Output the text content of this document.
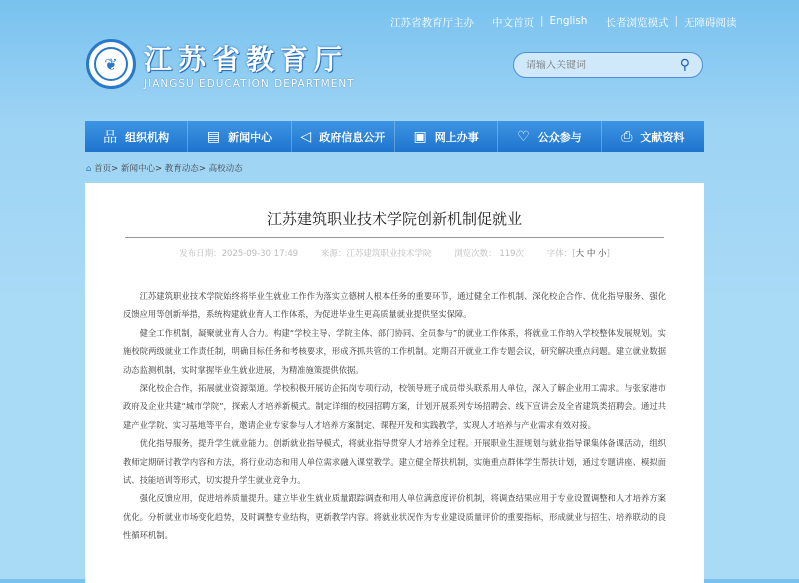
江苏省教育厅主办 中文首页 | English 长者浏览模式 | 无障碍阅读
❦ 江苏省教育厅
JIANGSU EDUCATION DEPARTMENT
请输入关键词
⚲
品 组织机构	▤ 新闻中心 ◁ 政府信息公开 ▣ 网上办事	♡ 公众参与	⎙ 文献资料
⌂ 首页> 新闻中心> 教育动态> 高校动态
江苏建筑职业技术学院创新机制促就业
发布日期：2025-09-30 17:49	来源：江苏建筑职业技术学院	浏览次数： 119次	字体：[大 中 小]

江苏建筑职业技术学院始终将毕业生就业工作作为落实立德树人根本任务的重要环节，通过健全工作机制、深化校企合作、优化指导服务、强化反馈应用等创新举措，系统构建就业育人工作体系，为促进毕业生更高质量就业提供坚实保障。

健全工作机制，凝聚就业育人合力。构建“学校主导、学院主体、部门协同、全员参与”的就业工作体系，将就业工作纳入学校整体发展规划。实施校院两级就业工作责任制，明确目标任务和考核要求，形成齐抓共管的工作机制。定期召开就业工作专题会议，研究解决重点问题。建立就业数据动态监测机制，实时掌握毕业生就业进展，为精准施策提供依据。

深化校企合作，拓展就业资源渠道。学校积极开展访企拓岗专项行动，校领导班子成员带头联系用人单位，深入了解企业用工需求。与张家港市政府及企业共建“城市学院”，探索人才培养新模式。制定详细的校园招聘方案，计划开展系列专场招聘会、线下宣讲会及全省建筑类招聘会。通过共建产业学院、实习基地等平台，邀请企业专家参与人才培养方案制定、课程开发和实践教学，实现人才培养与产业需求有效对接。

优化指导服务，提升学生就业能力。创新就业指导模式，将就业指导贯穿人才培养全过程。开展职业生涯规划与就业指导课集体备课活动，组织教师定期研讨教学内容和方法，将行业动态和用人单位需求融入课堂教学。建立健全帮扶机制，实施重点群体学生帮扶计划，通过专题讲座、模拟面试、技能培训等形式，切实提升学生就业竞争力。

强化反馈应用，促进培养质量提升。建立毕业生就业质量跟踪调查和用人单位满意度评价机制，将调查结果应用于专业设置调整和人才培养方案优化。分析就业市场变化趋势，及时调整专业结构，更新教学内容。将就业状况作为专业建设质量评价的重要指标，形成就业与招生、培养联动的良性循环机制。
